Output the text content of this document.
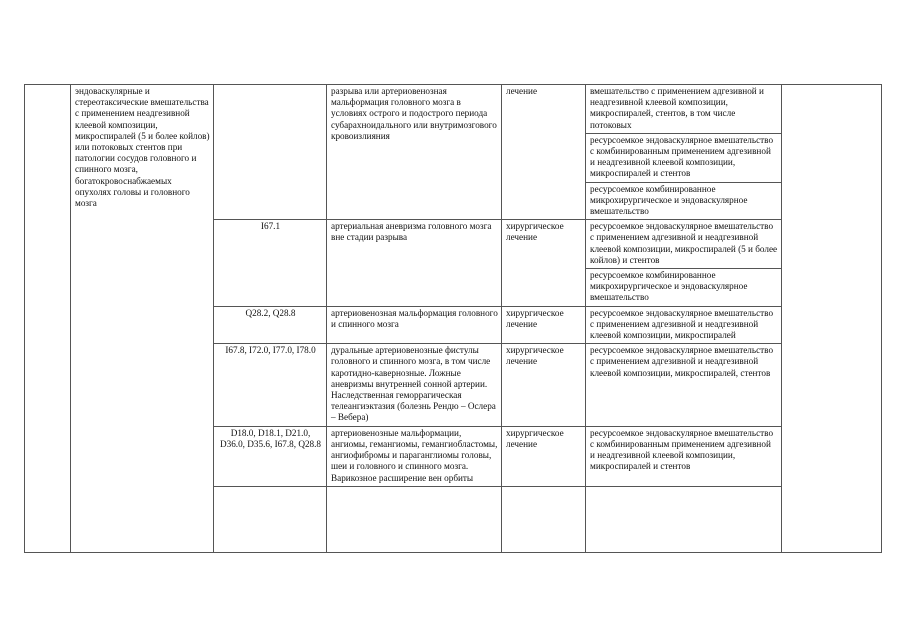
	эндоваскулярные и стереотаксические вмешательства с применением неадгезивной клеевой композиции, микроспиралей (5 и более койлов) или потоковых стентов при патологии сосудов головного и спинного мозга, богатокровоснабжаемых опухолях головы и головного мозга		разрыва или артериовенозная мальформация головного мозга в условиях острого и подострого периода субарахноидального или внутримозгового кровоизлияния	лечение	вмешательство с применением адгезивной и неадгезивной клеевой композиции, микроспиралей, стентов, в том числе потоковых	
					ресурсоемкое эндоваскулярное вмешательство с комбинированным применением адгезивной и неадгезивной клеевой композиции, микроспиралей и стентов	
					ресурсоемкое комбинированное микрохирургическое и эндоваскулярное вмешательство	
		I67.1	артериальная аневризма головного мозга вне стадии разрыва	хирургическое лечение	ресурсоемкое эндоваскулярное вмешательство с применением адгезивной и неадгезивной клеевой композиции, микроспиралей (5 и более койлов) и стентов	
					ресурсоемкое комбинированное микрохирургическое и эндоваскулярное вмешательство	
		Q28.2, Q28.8	артериовенозная мальформация головного и спинного мозга	хирургическое лечение	ресурсоемкое эндоваскулярное вмешательство с применением адгезивной и неадгезивной клеевой композиции, микроспиралей	
		I67.8, I72.0, I77.0, I78.0	дуральные артериовенозные фистулы головного и спинного мозга, в том числе каротидно-кавернозные. Ложные аневризмы внутренней сонной артерии. Наследственная геморрагическая телеангиэктазия (болезнь Рендю – Ослера – Вебера)	хирургическое лечение	ресурсоемкое эндоваскулярное вмешательство с применением адгезивной и неадгезивной клеевой композиции, микроспиралей, стентов	
		D18.0, D18.1, D21.0, D36.0, D35.6, I67.8, Q28.8	артериовенозные мальформации, ангиомы, гемангиомы, гемангиобластомы, ангиофибромы и параганглиомы головы, шеи и головного и спинного мозга. Варикозное расширение вен орбиты	хирургическое лечение	ресурсоемкое эндоваскулярное вмешательство с комбинированным применением адгезивной и неадгезивной клеевой композиции, микроспиралей и стентов	
